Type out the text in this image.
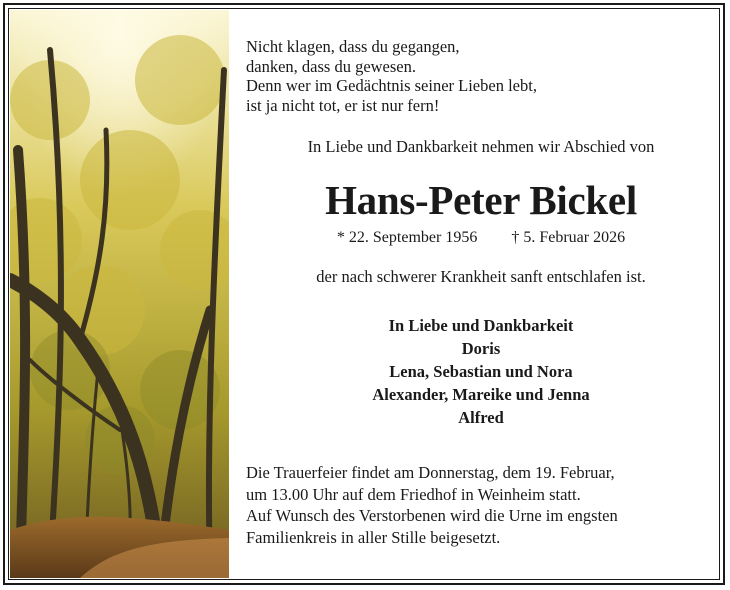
Nicht klagen, dass du gegangen,
danken, dass du gewesen.
Denn wer im Gedächtnis seiner Lieben lebt,
ist ja nicht tot, er ist nur fern!
In Liebe und Dankbarkeit nehmen wir Abschied von
Hans-Peter Bickel
* 22. September 1956 † 5. Februar 2026
der nach schwerer Krankheit sanft entschlafen ist.
In Liebe und Dankbarkeit
Doris
Lena, Sebastian und Nora
Alexander, Mareike und Jenna
Alfred
Die Trauerfeier findet am Donnerstag, dem 19. Februar,
um 13.00 Uhr auf dem Friedhof in Weinheim statt.
Auf Wunsch des Verstorbenen wird die Urne im engsten
Familienkreis in aller Stille beigesetzt.
